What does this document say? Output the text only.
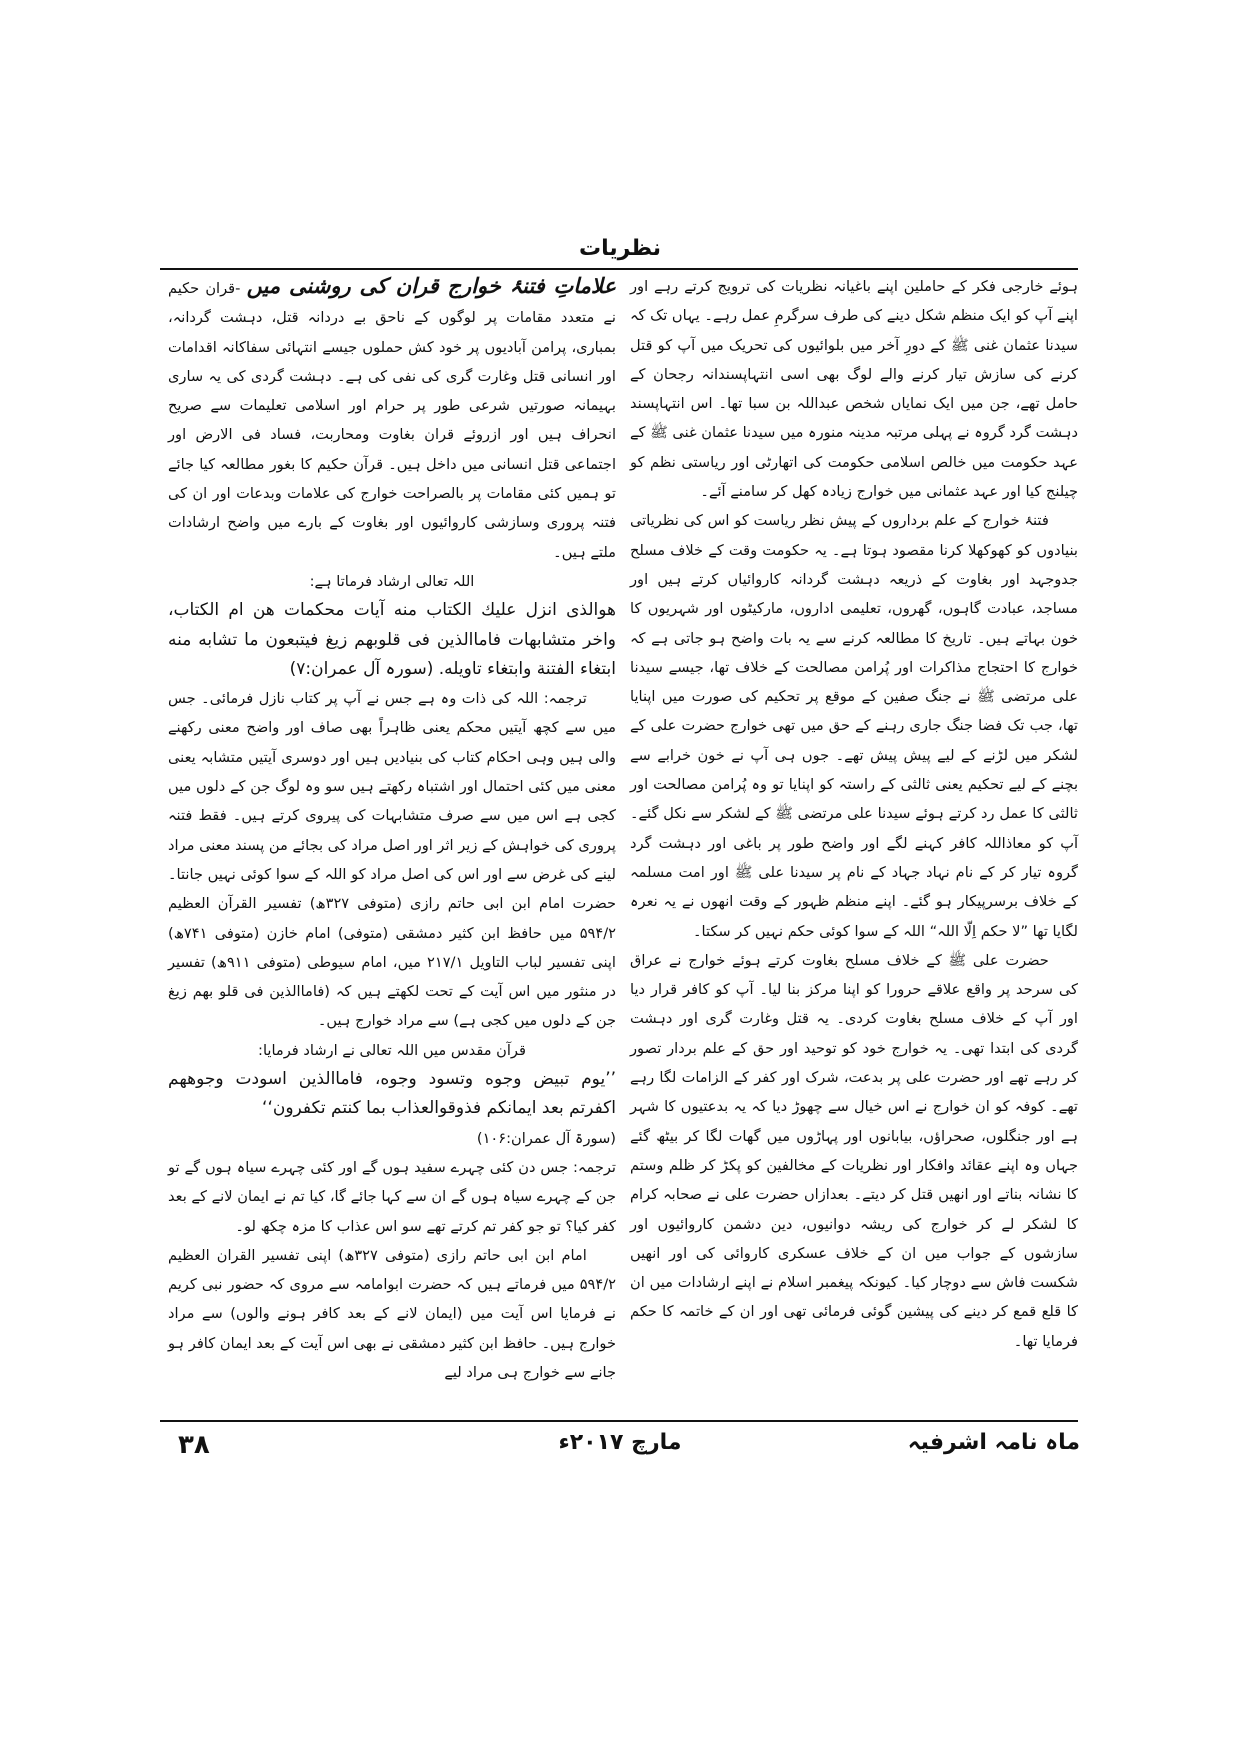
نظریات

ہوئے خارجی فکر کے حاملین اپنے باغیانہ نظریات کی ترویج کرتے رہے اور اپنے آپ کو ایک منظم شکل دینے کی طرف سرگرمِ عمل رہے۔ یہاں تک کہ سیدنا عثمان غنی ﷺ کے دورِ آخر میں بلوائیوں کی تحریک میں آپ کو قتل کرنے کی سازش تیار کرنے والے لوگ بھی اسی انتہاپسندانہ رجحان کے حامل تھے، جن میں ایک نمایاں شخص عبداللہ بن سبا تھا۔ اس انتہاپسند دہشت گرد گروہ نے پہلی مرتبہ مدینہ منورہ میں سیدنا عثمان غنی ﷺ کے عہد حکومت میں خالص اسلامی حکومت کی اتھارٹی اور ریاستی نظم کو چیلنج کیا اور عہد عثمانی میں خوارج زیادہ کھل کر سامنے آئے۔

فتنۂ خوارج کے علم برداروں کے پیش نظر ریاست کو اس کی نظریاتی بنیادوں کو کھوکھلا کرنا مقصود ہوتا ہے۔ یہ حکومت وقت کے خلاف مسلح جدوجہد اور بغاوت کے ذریعہ دہشت گردانہ کاروائیاں کرتے ہیں اور مساجد، عبادت گاہوں، گھروں، تعلیمی اداروں، مارکیٹوں اور شہریوں کا خون بہاتے ہیں۔ تاریخ کا مطالعہ کرنے سے یہ بات واضح ہو جاتی ہے کہ خوارج کا احتجاج مذاکرات اور پُرامن مصالحت کے خلاف تھا، جیسے سیدنا علی مرتضی ﷺ نے جنگ صفین کے موقع پر تحکیم کی صورت میں اپنایا تھا، جب تک فضا جنگ جاری رہنے کے حق میں تھی خوارج حضرت علی کے لشکر میں لڑنے کے لیے پیش پیش تھے۔ جوں ہی آپ نے خون خرابے سے بچنے کے لیے تحکیم یعنی ثالثی کے راستہ کو اپنایا تو وہ پُرامن مصالحت اور ثالثی کا عمل رد کرتے ہوئے سیدنا علی مرتضی ﷺ کے لشکر سے نکل گئے۔ آپ کو معاذاللہ کافر کہنے لگے اور واضح طور پر باغی اور دہشت گرد گروہ تیار کر کے نام نہاد جہاد کے نام پر سیدنا علی ﷺ اور امت مسلمہ کے خلاف برسرپیکار ہو گئے۔ اپنے منظم ظہور کے وقت انھوں نے یہ نعرہ لگایا تھا ”لا حکم اِلّا اللہ“ اللہ کے سوا کوئی حکم نہیں کر سکتا۔

حضرت علی ﷺ کے خلاف مسلح بغاوت کرتے ہوئے خوارج نے عراق کی سرحد پر واقع علاقے حرورا کو اپنا مرکز بنا لیا۔ آپ کو کافر قرار دیا اور آپ کے خلاف مسلح بغاوت کردی۔ یہ قتل وغارت گری اور دہشت گردی کی ابتدا تھی۔ یہ خوارج خود کو توحید اور حق کے علم بردار تصور کر رہے تھے اور حضرت علی پر بدعت، شرک اور کفر کے الزامات لگا رہے تھے۔ کوفہ کو ان خوارج نے اس خیال سے چھوڑ دیا کہ یہ بدعتیوں کا شہر ہے اور جنگلوں، صحراؤں، بیابانوں اور پہاڑوں میں گھات لگا کر بیٹھ گئے جہاں وہ اپنے عقائد وافکار اور نظریات کے مخالفین کو پکڑ کر ظلم وستم کا نشانہ بناتے اور انھیں قتل کر دیتے۔ بعدازاں حضرت علی نے صحابہ کرام کا لشکر لے کر خوارج کی ریشہ دوانیوں، دین دشمن کاروائیوں اور سازشوں کے جواب میں ان کے خلاف عسکری کاروائی کی اور انھیں شکست فاش سے دوچار کیا۔ کیونکہ پیغمبر اسلام نے اپنے ارشادات میں ان کا قلع قمع کر دینے کی پیشین گوئی فرمائی تھی اور ان کے خاتمہ کا حکم فرمایا تھا۔

علاماتِ فتنۂ خوارج قران کی روشنی میں -قران حکیم نے متعدد مقامات پر لوگوں کے ناحق بے دردانہ قتل، دہشت گردانہ، بمباری، پرامن آبادیوں پر خود کش حملوں جیسے انتہائی سفاکانہ اقدامات اور انسانی قتل وغارت گری کی نفی کی ہے۔ دہشت گردی کی یہ ساری بہیمانہ صورتیں شرعی طور پر حرام اور اسلامی تعلیمات سے صریح انحراف ہیں اور ازروئے قران بغاوت ومحاربت، فساد فی الارض اور اجتماعی قتل انسانی میں داخل ہیں۔ قرآن حکیم کا بغور مطالعہ کیا جائے تو ہمیں کئی مقامات پر بالصراحت خوارج کی علامات وبدعات اور ان کی فتنہ پروری وسازشی کاروائیوں اور بغاوت کے بارے میں واضح ارشادات ملتے ہیں۔

اللہ تعالی ارشاد فرماتا ہے:

هوالذى انزل عليك الكتاب منه آيات محكمات هن ام الكتاب، واخر متشابهات فاماالذين فى قلوبهم زيغ فيتبعون ما تشابه منه ابتغاء الفتنة وابتغاء تاويله. (سورہ آل عمران:۷)

ترجمہ: اللہ کی ذات وہ ہے جس نے آپ پر کتاب نازل فرمائی۔ جس میں سے کچھ آیتیں محکم یعنی ظاہراً بھی صاف اور واضح معنی رکھنے والی ہیں وہی احکام کتاب کی بنیادیں ہیں اور دوسری آیتیں متشابہ یعنی معنی میں کئی احتمال اور اشتباہ رکھتے ہیں سو وہ لوگ جن کے دلوں میں کجی ہے اس میں سے صرف متشابہات کی پیروی کرتے ہیں۔ فقط فتنہ پروری کی خواہش کے زیر اثر اور اصل مراد کی بجائے من پسند معنی مراد لینے کی غرض سے اور اس کی اصل مراد کو اللہ کے سوا کوئی نہیں جانتا۔ حضرت امام ابن ابی حاتم رازی (متوفی ۳۲۷ھ) تفسیر القرآن العظیم ۵۹۴/۲ میں حافظ ابن کثیر دمشقی (متوفی) امام خازن (متوفی ۷۴۱ھ) اپنی تفسیر لباب التاویل ۲۱۷/۱ میں، امام سیوطی (متوفی ۹۱۱ھ) تفسیر در منثور میں اس آیت کے تحت لکھتے ہیں کہ (فاماالذين فى قلو بهم زيغ جن کے دلوں میں کجی ہے) سے مراد خوارج ہیں۔

قرآن مقدس میں اللہ تعالی نے ارشاد فرمایا:

’’يوم تبيض وجوه وتسود وجوه، فاماالذين اسودت وجوههم اكفرتم بعد ايمانكم فذوقوالعذاب بما كنتم تكفرون‘‘

(سورۃ آل عمران:۱۰۶)

ترجمہ: جس دن کئی چہرے سفید ہوں گے اور کئی چہرے سیاہ ہوں گے تو جن کے چہرے سیاہ ہوں گے ان سے کہا جائے گا، کیا تم نے ایمان لانے کے بعد کفر کیا؟ تو جو کفر تم کرتے تھے سو اس عذاب کا مزہ چکھ لو۔

امام ابن ابی حاتم رازی (متوفی ۳۲۷ھ) اپنی تفسیر القران العظیم ۵۹۴/۲ میں فرماتے ہیں کہ حضرت ابوامامہ سے مروی کہ حضور نبی کریم نے فرمایا اس آیت میں (ایمان لانے کے بعد کافر ہونے والوں) سے مراد خوارج ہیں۔ حافظ ابن کثیر دمشقی نے بھی اس آیت کے بعد ایمان کافر ہو جانے سے خوارج ہی مراد لیے

ماہ نامہ اشرفیہ
مارچ ۲۰۱۷ء
۳۸
